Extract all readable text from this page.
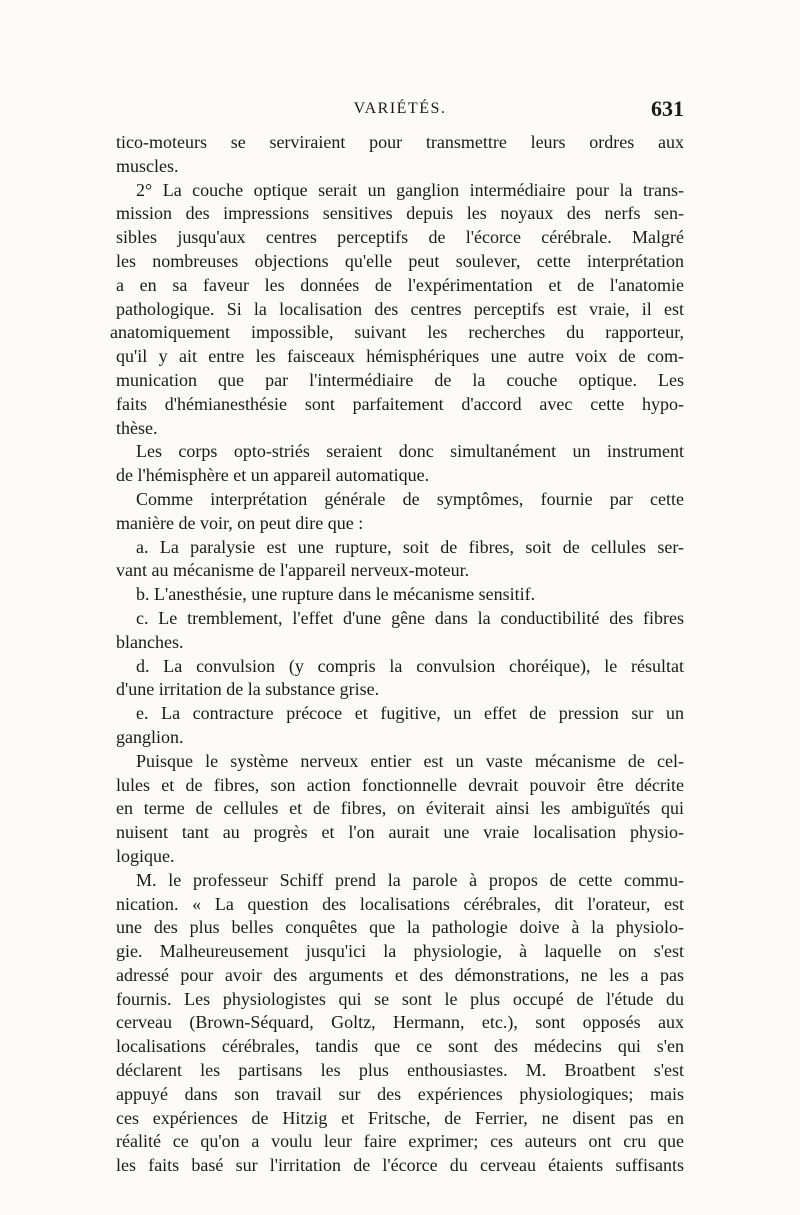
VARIÉTÉS.	631
tico-moteurs se serviraient pour transmettre leurs ordres aux
muscles.
2° La couche optique serait un ganglion intermédiaire pour la trans-
mission des impressions sensitives depuis les noyaux des nerfs sen-
sibles jusqu'aux centres perceptifs de l'écorce cérébrale. Malgré
les nombreuses objections qu'elle peut soulever, cette interprétation
a en sa faveur les données de l'expérimentation et de l'anatomie
pathologique. Si la localisation des centres perceptifs est vraie, il est
anatomiquement impossible, suivant les recherches du rapporteur,
qu'il y ait entre les faisceaux hémisphériques une autre voix de com-
munication que par l'intermédiaire de la couche optique. Les
faits d'hémianesthésie sont parfaitement d'accord avec cette hypo-
thèse.
Les corps opto-striés seraient donc simultanément un instrument
de l'hémisphère et un appareil automatique.
Comme interprétation générale de symptômes, fournie par cette
manière de voir, on peut dire que :
a. La paralysie est une rupture, soit de fibres, soit de cellules ser-
vant au mécanisme de l'appareil nerveux-moteur.
b. L'anesthésie, une rupture dans le mécanisme sensitif.
c. Le tremblement, l'effet d'une gêne dans la conductibilité des fibres
blanches.
d. La convulsion (y compris la convulsion choréique), le résultat
d'une irritation de la substance grise.
e. La contracture précoce et fugitive, un effet de pression sur un
ganglion.
Puisque le système nerveux entier est un vaste mécanisme de cel-
lules et de fibres, son action fonctionnelle devrait pouvoir être décrite
en terme de cellules et de fibres, on éviterait ainsi les ambiguïtés qui
nuisent tant au progrès et l'on aurait une vraie localisation physio-
logique.
M. le professeur Schiff prend la parole à propos de cette commu-
nication. « La question des localisations cérébrales, dit l'orateur, est
une des plus belles conquêtes que la pathologie doive à la physiolo-
gie. Malheureusement jusqu'ici la physiologie, à laquelle on s'est
adressé pour avoir des arguments et des démonstrations, ne les a pas
fournis. Les physiologistes qui se sont le plus occupé de l'étude du
cerveau (Brown-Séquard, Goltz, Hermann, etc.), sont opposés aux
localisations cérébrales, tandis que ce sont des médecins qui s'en
déclarent les partisans les plus enthousiastes. M. Broatbent s'est
appuyé dans son travail sur des expériences physiologiques; mais
ces expériences de Hitzig et Fritsche, de Ferrier, ne disent pas en
réalité ce qu'on a voulu leur faire exprimer; ces auteurs ont cru que
les faits basé sur l'irritation de l'écorce du cerveau étaients suffisants
